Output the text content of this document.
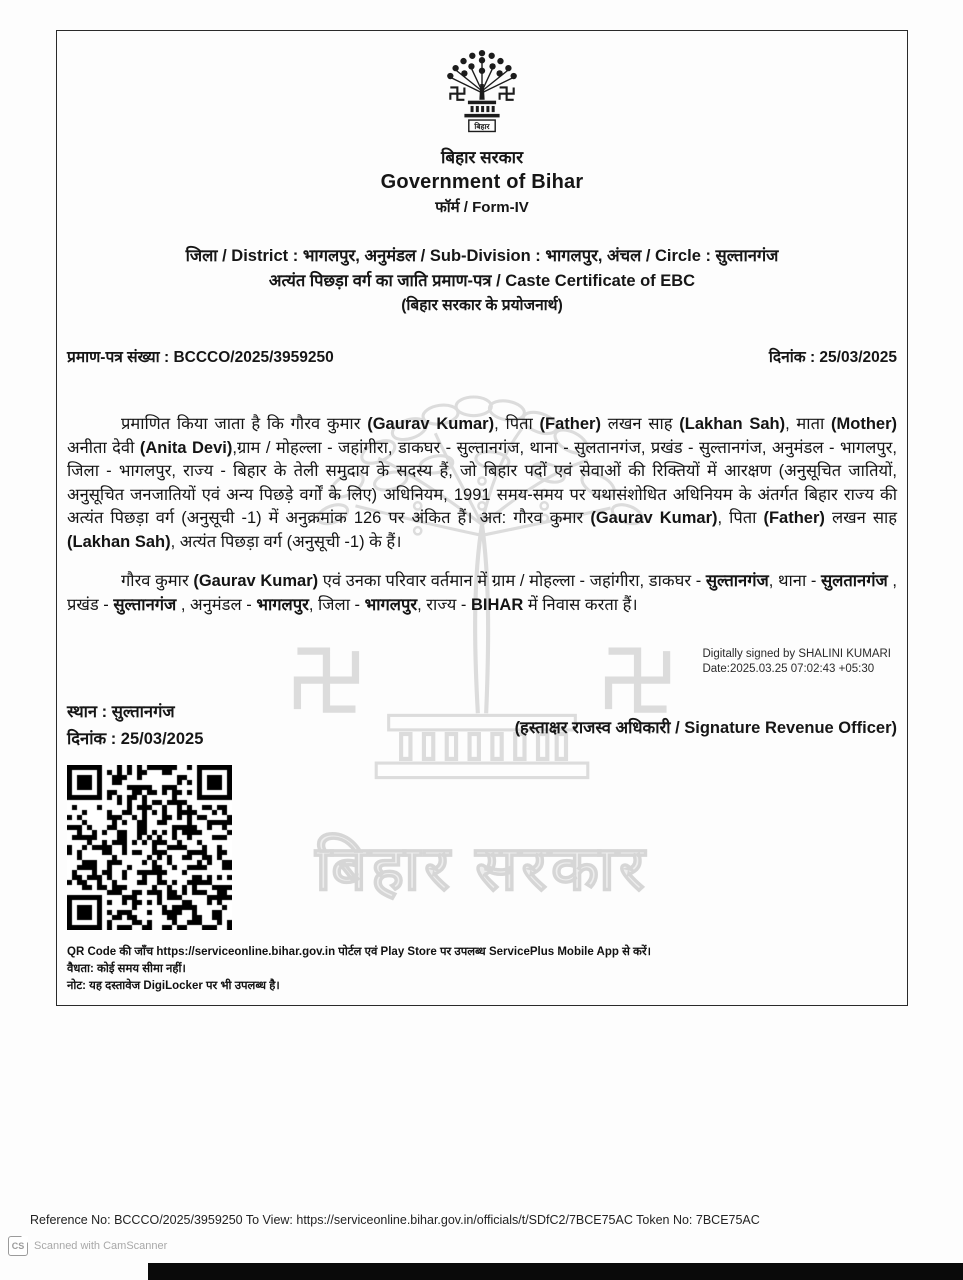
बिहार सरकार
बिहार
बिहार सरकार
Government of Bihar
फॉर्म / Form-IV
जिला / District : भागलपुर, अनुमंडल / Sub-Division : भागलपुर, अंचल / Circle : सुल्तानगंज
अत्यंत पिछड़ा वर्ग का जाति प्रमाण-पत्र / Caste Certificate of EBC
(बिहार सरकार के प्रयोजनार्थ)
प्रमाण-पत्र संख्या : BCCCO/2025/3959250	दिनांक : 25/03/2025

प्रमाणित किया जाता है कि गौरव कुमार (Gaurav Kumar), पिता (Father) लखन साह (Lakhan Sah), माता (Mother) अनीता देवी (Anita Devi),ग्राम / मोहल्ला - जहांगीरा, डाकघर - सुल्तानगंज, थाना - सुलतानगंज, प्रखंड - सुल्तानगंज, अनुमंडल - भागलपुर, जिला - भागलपुर, राज्य - बिहार के तेली समुदाय के सदस्य हैं, जो बिहार पदों एवं सेवाओं की रिक्तियों में आरक्षण (अनुसूचित जातियों, अनुसूचित जनजातियों एवं अन्य पिछड़े वर्गों के लिए) अधिनियम, 1991 समय-समय पर यथासंशोधित अधिनियम के अंतर्गत बिहार राज्य की अत्यंत पिछड़ा वर्ग (अनुसूची -1) में अनुक्रमांक 126 पर अंकित हैं। अत: गौरव कुमार (Gaurav Kumar), पिता (Father) लखन साह (Lakhan Sah), अत्यंत पिछड़ा वर्ग (अनुसूची -1) के हैं।

गौरव कुमार (Gaurav Kumar) एवं उनका परिवार वर्तमान में ग्राम / मोहल्ला - जहांगीरा, डाकघर - सुल्तानगंज, थाना - सुलतानगंज , प्रखंड - सुल्तानगंज , अनुमंडल - भागलपुर, जिला - भागलपुर, राज्य - BIHAR में निवास करता हैं।

Digitally signed by SHALINI KUMARI
Date:2025.03.25 07:02:43 +05:30
स्थान : सुल्तानगंज
दिनांक : 25/03/2025
(हस्ताक्षर राजस्व अधिकारी / Signature Revenue Officer)
QR Code की जाँच https://serviceonline.bihar.gov.in पोर्टल एवं Play Store पर उपलब्ध ServicePlus Mobile App से करें।
वैधता: कोई समय सीमा नहीं।
नोट: यह दस्तावेज DigiLocker पर भी उपलब्ध है।
Reference No: BCCCO/2025/3959250 To View: https://serviceonline.bihar.gov.in/officials/t/SDfC2/7BCE75AC Token No: 7BCE75AC
CS Scanned with CamScanner
